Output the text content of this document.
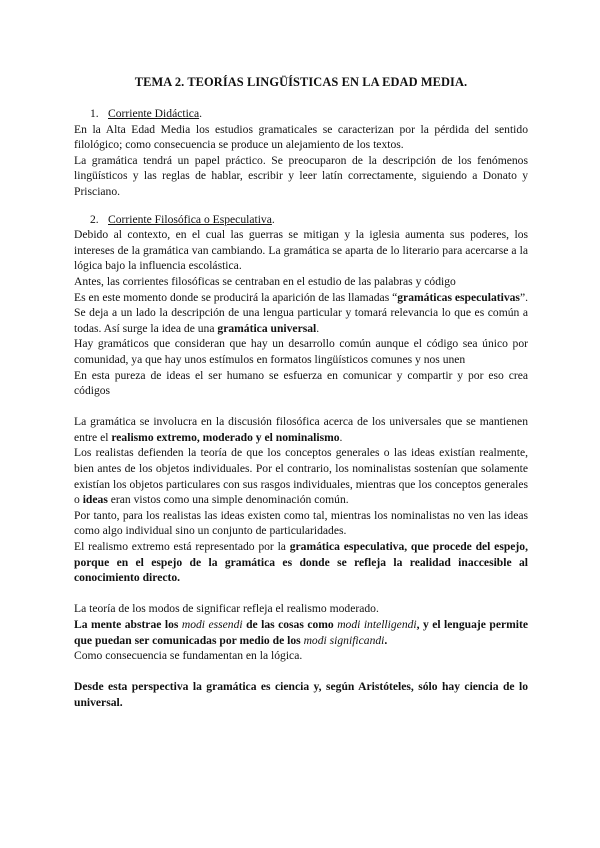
TEMA 2. TEORÍAS LINGÜÍSTICAS EN LA EDAD MEDIA.
1. Corriente Didáctica.

En la Alta Edad Media los estudios gramaticales se caracterizan por la pérdida del sentido filológico; como consecuencia se produce un alejamiento de los textos.

La gramática tendrá un papel práctico. Se preocuparon de la descripción de los fenómenos lingüísticos y las reglas de hablar, escribir y leer latín correctamente, siguiendo a Donato y Prisciano.

2. Corriente Filosófica o Especulativa.

Debido al contexto, en el cual las guerras se mitigan y la iglesia aumenta sus poderes, los intereses de la gramática van cambiando. La gramática se aparta de lo literario para acercarse a la lógica bajo la influencia escolástica.

Antes, las corrientes filosóficas se centraban en el estudio de las palabras y código

Es en este momento donde se producirá la aparición de las llamadas “gramáticas especulativas”. Se deja a un lado la descripción de una lengua particular y tomará relevancia lo que es común a todas. Así surge la idea de una gramática universal.

Hay gramáticos que consideran que hay un desarrollo común aunque el código sea único por comunidad, ya que hay unos estímulos en formatos lingüísticos comunes y nos unen

En esta pureza de ideas el ser humano se esfuerza en comunicar y compartir y por eso crea códigos

La gramática se involucra en la discusión filosófica acerca de los universales que se mantienen entre el realismo extremo, moderado y el nominalismo.

Los realistas defienden la teoría de que los conceptos generales o las ideas existían realmente, bien antes de los objetos individuales. Por el contrario, los nominalistas sostenían que solamente existían los objetos particulares con sus rasgos individuales, mientras que los conceptos generales o ideas eran vistos como una simple denominación común.

Por tanto, para los realistas las ideas existen como tal, mientras los nominalistas no ven las ideas como algo individual sino un conjunto de particularidades.

El realismo extremo está representado por la gramática especulativa, que procede del espejo, porque en el espejo de la gramática es donde se refleja la realidad inaccesible al conocimiento directo.

La teoría de los modos de significar refleja el realismo moderado.

La mente abstrae los modi essendi de las cosas como modi intelligendi, y el lenguaje permite que puedan ser comunicadas por medio de los modi significandi.

Como consecuencia se fundamentan en la lógica.

Desde esta perspectiva la gramática es ciencia y, según Aristóteles, sólo hay ciencia de lo universal.
